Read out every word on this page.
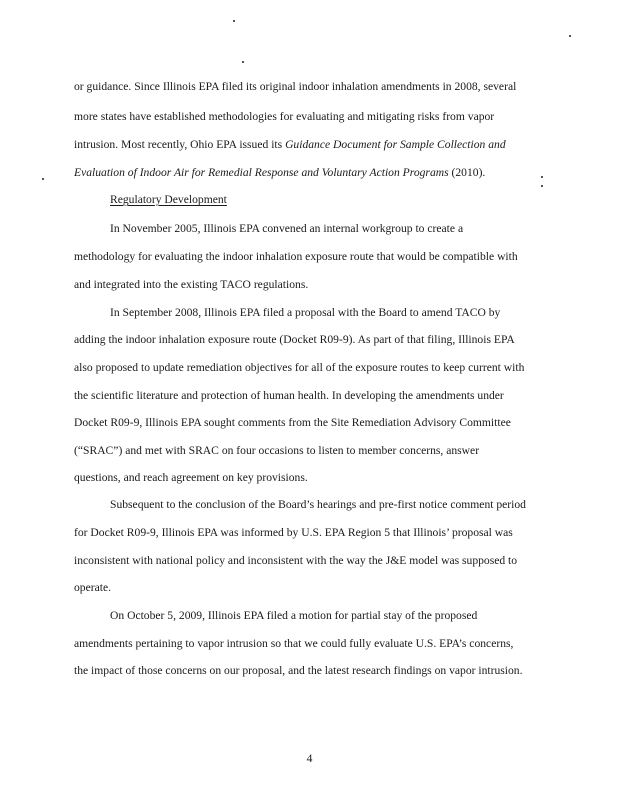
or guidance. Since Illinois EPA filed its original indoor inhalation amendments in 2008, several
more states have established methodologies for evaluating and mitigating risks from vapor
intrusion. Most recently, Ohio EPA issued its Guidance Document for Sample Collection and
Evaluation of Indoor Air for Remedial Response and Voluntary Action Programs (2010).
Regulatory Development
In November 2005, Illinois EPA convened an internal workgroup to create a
methodology for evaluating the indoor inhalation exposure route that would be compatible with
and integrated into the existing TACO regulations.
In September 2008, Illinois EPA filed a proposal with the Board to amend TACO by
adding the indoor inhalation exposure route (Docket R09-9). As part of that filing, Illinois EPA
also proposed to update remediation objectives for all of the exposure routes to keep current with
the scientific literature and protection of human health. In developing the amendments under
Docket R09-9, Illinois EPA sought comments from the Site Remediation Advisory Committee
(“SRAC”) and met with SRAC on four occasions to listen to member concerns, answer
questions, and reach agreement on key provisions.
Subsequent to the conclusion of the Board’s hearings and pre-first notice comment period
for Docket R09-9, Illinois EPA was informed by U.S. EPA Region 5 that Illinois’ proposal was
inconsistent with national policy and inconsistent with the way the J&E model was supposed to
operate.
On October 5, 2009, Illinois EPA filed a motion for partial stay of the proposed
amendments pertaining to vapor intrusion so that we could fully evaluate U.S. EPA’s concerns,
the impact of those concerns on our proposal, and the latest research findings on vapor intrusion.
4
